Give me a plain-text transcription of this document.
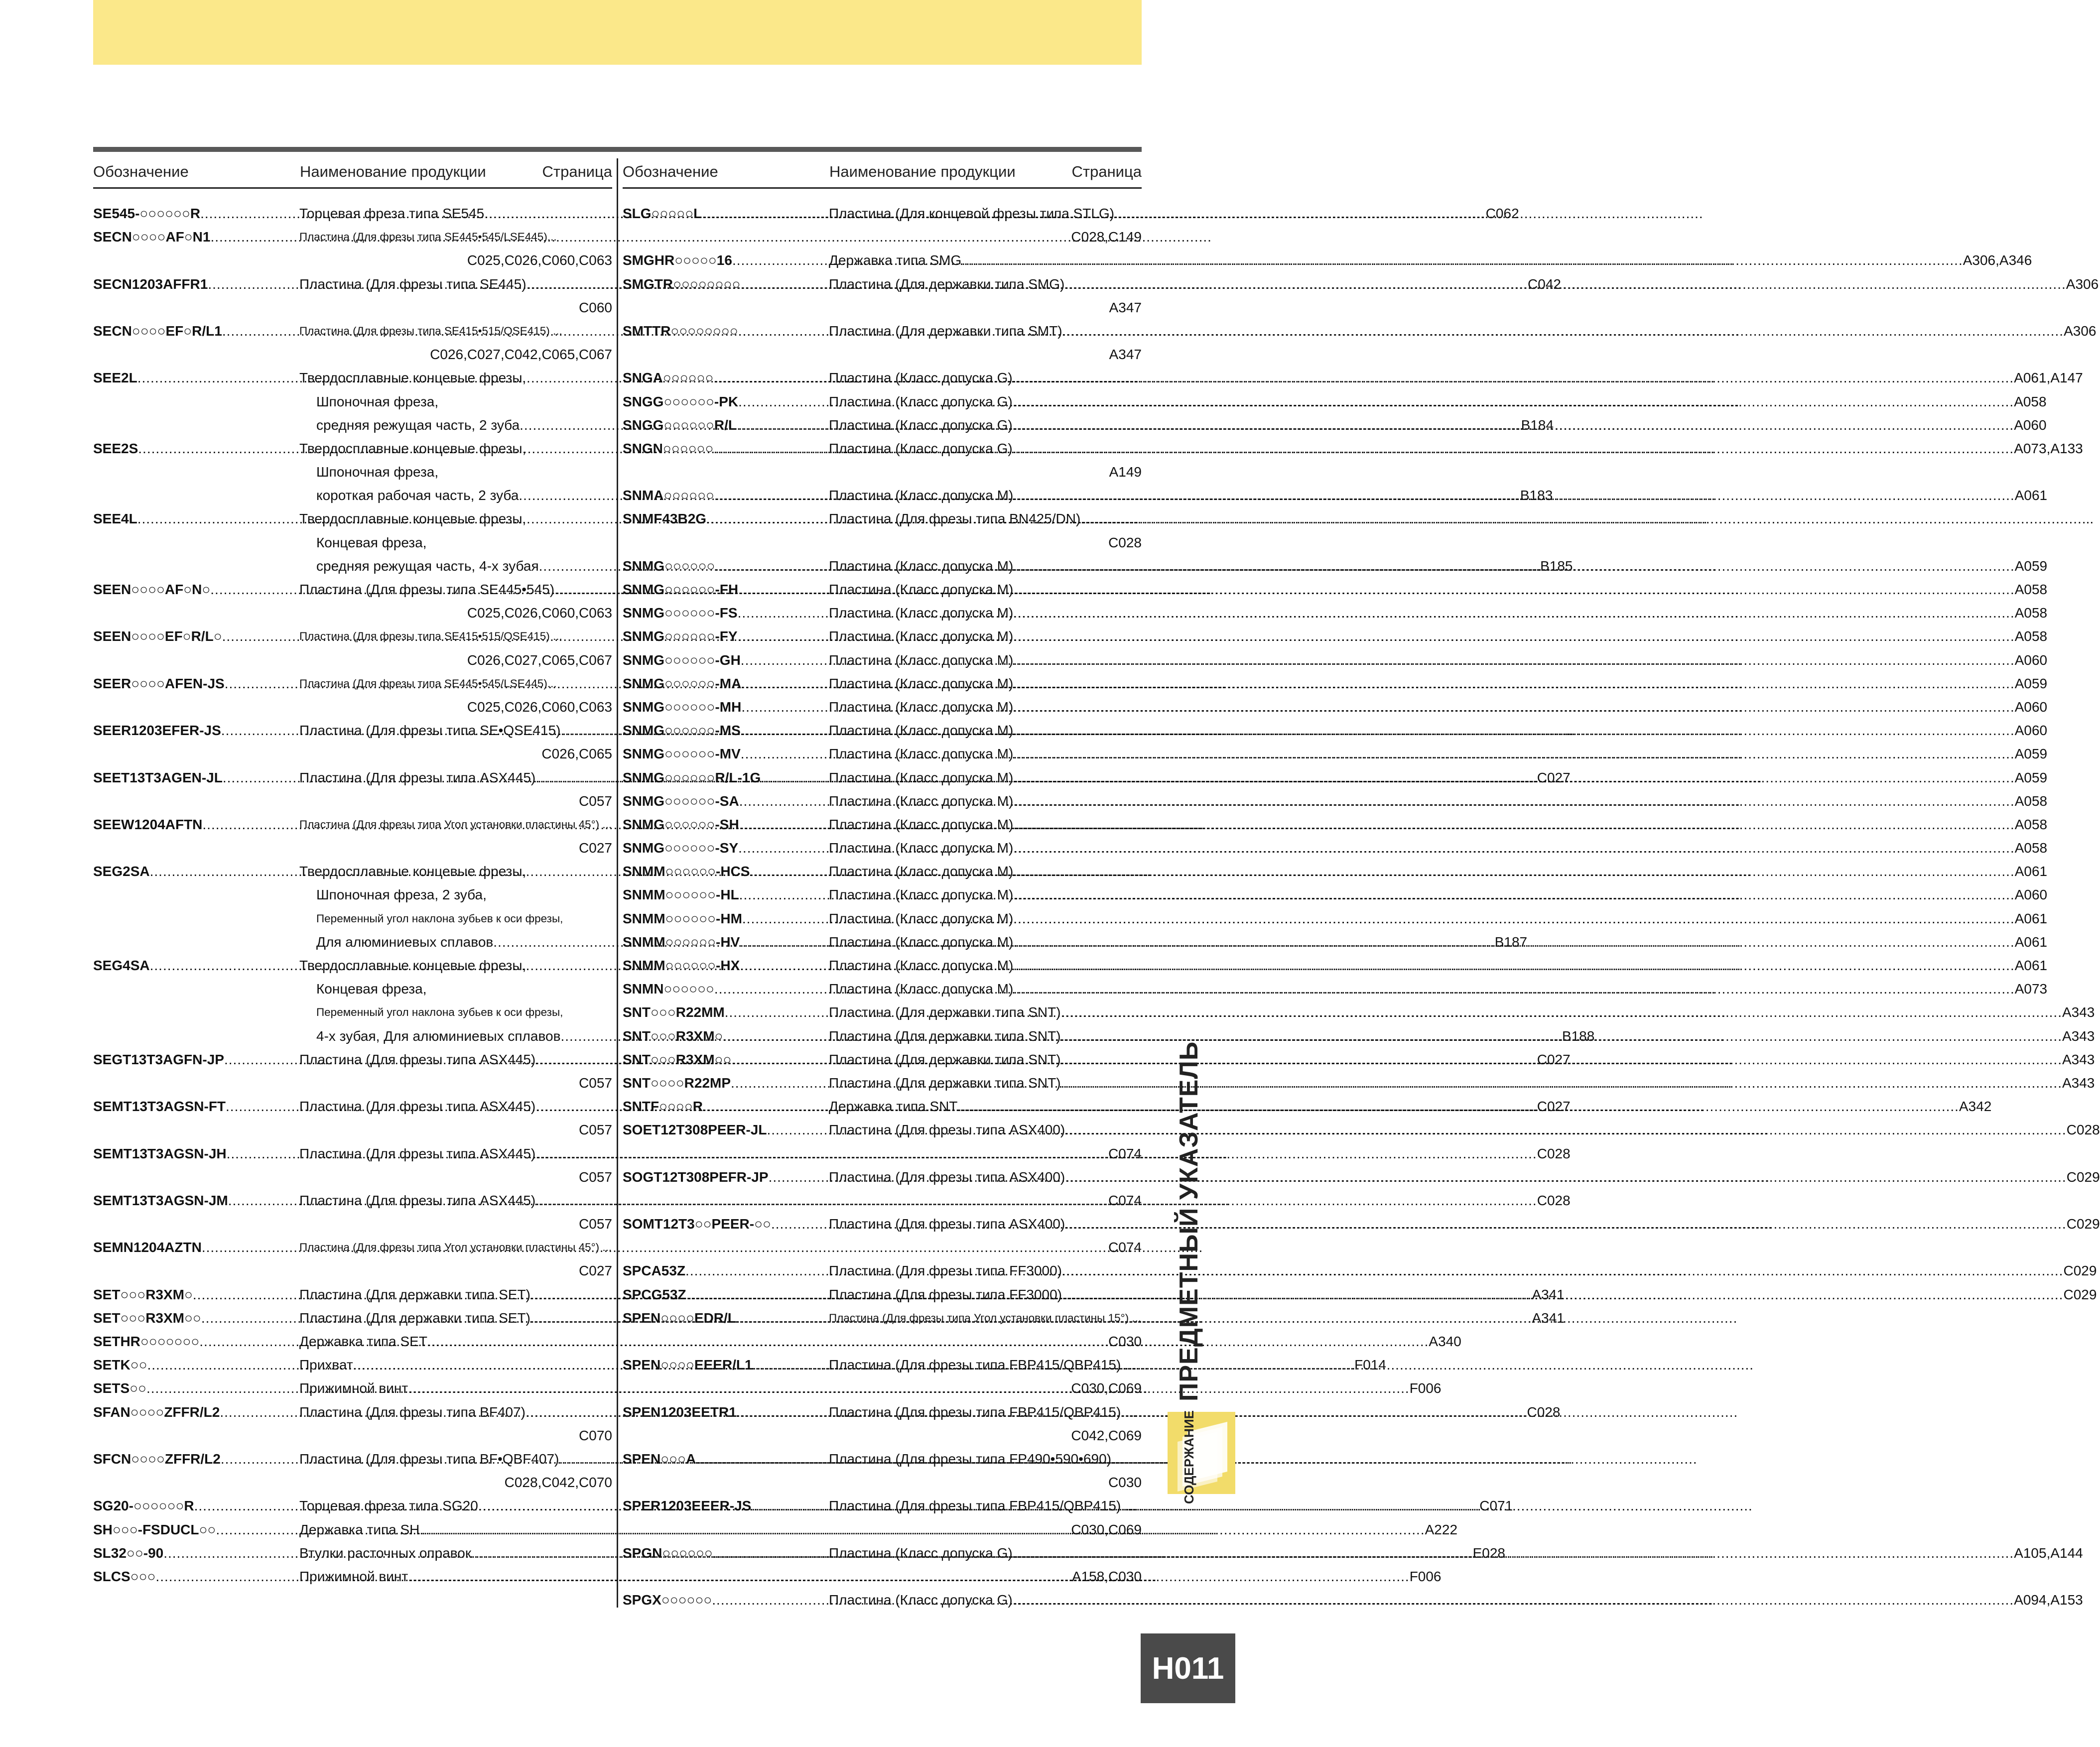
Обозначение	Наименование продукции	Страница
SE545-○○○○○○R .....	Торцевая фреза типа SE545 .....	C062
SECN○○○○AF○N1 .....	Пластина (Для фрезы типа SE445•545/LSE445)...
C025,C026,C060,C063
SECN1203AFFR1 .....	Пластина (Для фрезы типа SE445) .....	C042
C060
SECN○○○○EF○R/L1 .....	Пластина (Для фрезы типа SE415•515/QSE415) ...
C026,C027,C042,C065,C067
SEE2L .....	Твердосплавные концевые фрезы,
Шпоночная фреза,
средняя режущая часть, 2 зуба .....	B184
SEE2S .....	Твердосплавные концевые фрезы,
Шпоночная фреза,
короткая рабочая часть, 2 зуба .....	B183
SEE4L .....	Твердосплавные концевые фрезы,
Концевая фреза,
средняя режущая часть, 4-х зубая .....	B185
SEEN○○○○AF○N○ .....	Пластина (Для фрезы типа SE445•545) .....	...
C025,C026,C060,C063
SEEN○○○○EF○R/L○ .....	Пластина (Для фрезы типа SE415•515/QSE415) ...
C026,C027,C065,C067
SEER○○○○AFEN-JS .....	Пластина (Для фрезы типа SE445•545/LSE445)...
C025,C026,C060,C063
SEER1203EFER-JS .....	Пластина (Для фрезы типа SE•QSE415) .....	...
C026,C065
SEET13T3AGEN-JL .....	Пластина (Для фрезы типа ASX445) .....	C027
C057
SEEW1204AFTN .....	Пластина (Для фрезы типа Угол установки пластины 45°) ...
C027
SEG2SA .....	Твердосплавные концевые фрезы,
Шпоночная фреза, 2 зуба,
Переменный угол наклона зубьев к оси фрезы,
Для алюминиевых сплавов .....	B187
SEG4SA .....	Твердосплавные концевые фрезы,
Концевая фреза,
Переменный угол наклона зубьев к оси фрезы,
4-х зубая, Для алюминиевых сплавов .....	B188
SEGT13T3AGFN-JP .....	Пластина (Для фрезы типа ASX445) .....	C027
C057
SEMT13T3AGSN-FT .....	Пластина (Для фрезы типа ASX445) .....	C027
C057
SEMT13T3AGSN-JH .....	Пластина (Для фрезы типа ASX445) .....	C028
C057
SEMT13T3AGSN-JM .....	Пластина (Для фрезы типа ASX445) .....	C028
C057
SEMN1204AZTN .....	Пластина (Для фрезы типа Угол установки пластины 45°) ...
C027
SET○○○R3XM○ .....	Пластина (Для державки типа SET) .....	A341
SET○○○R3XM○○ .....	Пластина (Для державки типа SET) .....	A341
SETHR○○○○○○○ .....	Державка типа SET .....	A340
SETK○○ .....	Прихват .....	F014
SETS○○ .....	Прижимной винт .....	F006
SFAN○○○○ZFFR/L2 .....	Пластина (Для фрезы типа BF407) .....	C028
C070
SFCN○○○○ZFFR/L2 .....	Пластина (Для фрезы типа BF•QBF407) .....	...
C028,C042,C070
SG20-○○○○○○R .....	Торцевая фреза типа SG20 .....	C071
SH○○○-FSDUCL○○ .....	Державка типа SH. .....	A222
SL32○○-90 .....	Втулки расточных оправок .....	E028
SLCS○○○ .....	Прижимной винт .....	F006
Обозначение	Наименование продукции	Страница
SLG○○○○○L .....	Пластина (Для концевой фрезы типа STLG) ...
C028,C149
SMGHR○○○○○16 .....	Державка типа SMG .....	A306,A346
SMGTR○○○○○○○○ .....	Пластина (Для державки типа SMG) .....	A306
A347
SMTTR○○○○○○○○ .....	Пластина (Для державки типа SMT) .....	A306
A347
SNGA○○○○○○ .....	Пластина (Класс допуска G) .....	A061,A147
SNGG○○○○○○-PK .....	Пластина (Класс допуска G) .....	A058
SNGG○○○○○○R/L .....	Пластина (Класс допуска G) .....	A060
SNGN○○○○○○ .....	Пластина (Класс допуска G) .....	A073,A133
A149
SNMA○○○○○○ .....	Пластина (Класс допуска M) .....	A061
SNMF43B2G .....	Пластина (Для фрезы типа BN425/DN) .....	...
C028
SNMG○○○○○○ .....	Пластина (Класс допуска M) .....	A059
SNMG○○○○○○-FH .....	Пластина (Класс допуска M) .....	A058
SNMG○○○○○○-FS .....	Пластина (Класс допуска M) .....	A058
SNMG○○○○○○-FY .....	Пластина (Класс допуска M) .....	A058
SNMG○○○○○○-GH .....	Пластина (Класс допуска M) .....	A060
SNMG○○○○○○-MA .....	Пластина (Класс допуска M) .....	A059
SNMG○○○○○○-MH .....	Пластина (Класс допуска M) .....	A060
SNMG○○○○○○-MS .....	Пластина (Класс допуска M) .....	A060
SNMG○○○○○○-MV .....	Пластина (Класс допуска M) .....	A059
SNMG○○○○○○R/L-1G .....	Пластина (Класс допуска M) .....	A059
SNMG○○○○○○-SA .....	Пластина (Класс допуска M) .....	A058
SNMG○○○○○○-SH .....	Пластина (Класс допуска M) .....	A058
SNMG○○○○○○-SY .....	Пластина (Класс допуска M) .....	A058
SNMM○○○○○○-HCS .....	Пластина (Класс допуска M) .....	A061
SNMM○○○○○○-HL .....	Пластина (Класс допуска M) .....	A060
SNMM○○○○○○-HM .....	Пластина (Класс допуска M) .....	A061
SNMM○○○○○○-HV .....	Пластина (Класс допуска M) .....	A061
SNMM○○○○○○-HX .....	Пластина (Класс допуска M) .....	A061
SNMN○○○○○○ .....	Пластина (Класс допуска M) .....	A073
SNT○○○R22MM .....	Пластина (Для державки типа SNT) .....	A343
SNT○○○R3XM○ .....	Пластина (Для державки типа SNT) .....	A343
SNT○○○R3XM○○ .....	Пластина (Для державки типа SNT) .....	A343
SNT○○○○R22MP .....	Пластина (Для державки типа SNT) .....	A343
SNTF○○○○R .....	Державка типа SNT .....	A342
SOET12T308PEER-JL .....	Пластина (Для фрезы типа ASX400) .....	C028
C074
SOGT12T308PEFR-JP .....	Пластина (Для фрезы типа ASX400) .....	C029
C074
SOMT12T3○○PEER-○○ .....	Пластина (Для фрезы типа ASX400) .....	C029
C074
SPCA53Z .....	Пластина (Для фрезы типа FF3000) .....	C029
SPCG53Z .....	Пластина (Для фрезы типа FF3000) .....	C029
SPEN○○○○EDR/L .....	Пластина (Для фрезы типа Угол установки пластины 15°) ...
C030
SPEN○○○○EEER/L1 .....	Пластина (Для фрезы типа FBP415/QBP415) ...
C030,C069
SPEN1203EETR1 .....	Пластина (Для фрезы типа FBP415/QBP415) ...
C042,C069
SPEN○○○A .....	Пластина (Для фрезы типа FP490•590•690)...
C030
SPER1203EEER-JS .....	Пластина (Для фрезы типа FBP415/QBP415) ...
C030,C069
SPGN○○○○○○ .....	Пластина (Класс допуска G) .....	A105,A144
A158,C030
SPGX○○○○○○ .....	Пластина (Класс допуска G) .....	A094,A153
СОДЕРЖАНИЕ
ПРЕДМЕТНЫЙ УКАЗАТЕЛЬ
H011
